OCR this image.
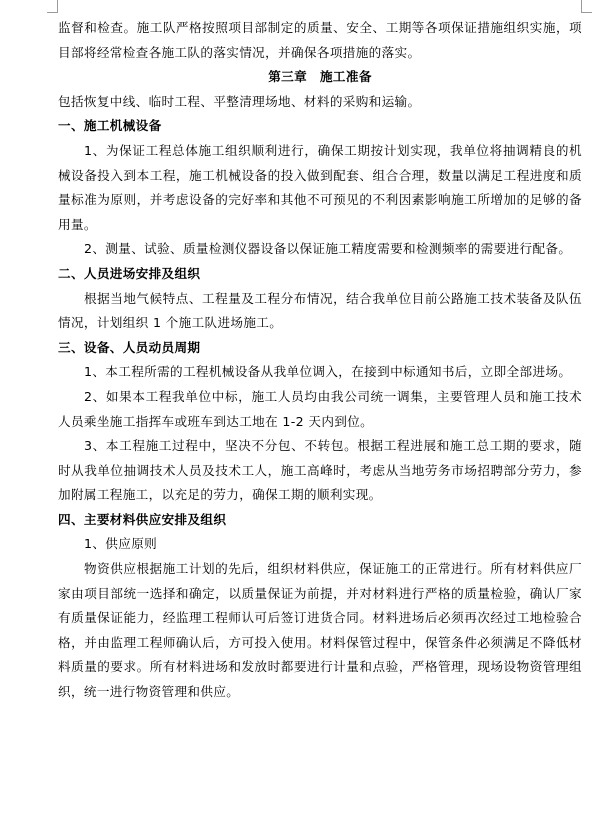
监督和检查。施工队严格按照项目部制定的质量、安全、工期等各项保证措施组织实施，项目部将经常检查各施工队的落实情况，并确保各项措施的落实。

第三章　施工准备

包括恢复中线、临时工程、平整清理场地、材料的采购和运输。

一、施工机械设备

1、为保证工程总体施工组织顺利进行，确保工期按计划实现，我单位将抽调精良的机械设备投入到本工程，施工机械设备的投入做到配套、组合合理，数量以满足工程进度和质量标准为原则，并考虑设备的完好率和其他不可预见的不利因素影响施工所增加的足够的备用量。

2、测量、试验、质量检测仪器设备以保证施工精度需要和检测频率的需要进行配备。

二、人员进场安排及组织

根据当地气候特点、工程量及工程分布情况，结合我单位目前公路施工技术装备及队伍情况，计划组织 1 个施工队进场施工。

三、设备、人员动员周期

1、本工程所需的工程机械设备从我单位调入，在接到中标通知书后，立即全部进场。

2、如果本工程我单位中标，施工人员均由我公司统一调集，主要管理人员和施工技术人员乘坐施工指挥车或班车到达工地在 1-2 天内到位。

3、本工程施工过程中，坚决不分包、不转包。根据工程进展和施工总工期的要求，随时从我单位抽调技术人员及技术工人，施工高峰时，考虑从当地劳务市场招聘部分劳力，参加附属工程施工，以充足的劳力，确保工期的顺利实现。

四、主要材料供应安排及组织

1、供应原则

物资供应根据施工计划的先后，组织材料供应，保证施工的正常进行。所有材料供应厂家由项目部统一选择和确定，以质量保证为前提，并对材料进行严格的质量检验，确认厂家有质量保证能力，经监理工程师认可后签订进货合同。材料进场后必须再次经过工地检验合格，并由监理工程师确认后，方可投入使用。材料保管过程中，保管条件必须满足不降低材料质量的要求。所有材料进场和发放时都要进行计量和点验，严格管理，现场设物资管理组织，统一进行物资管理和供应。
